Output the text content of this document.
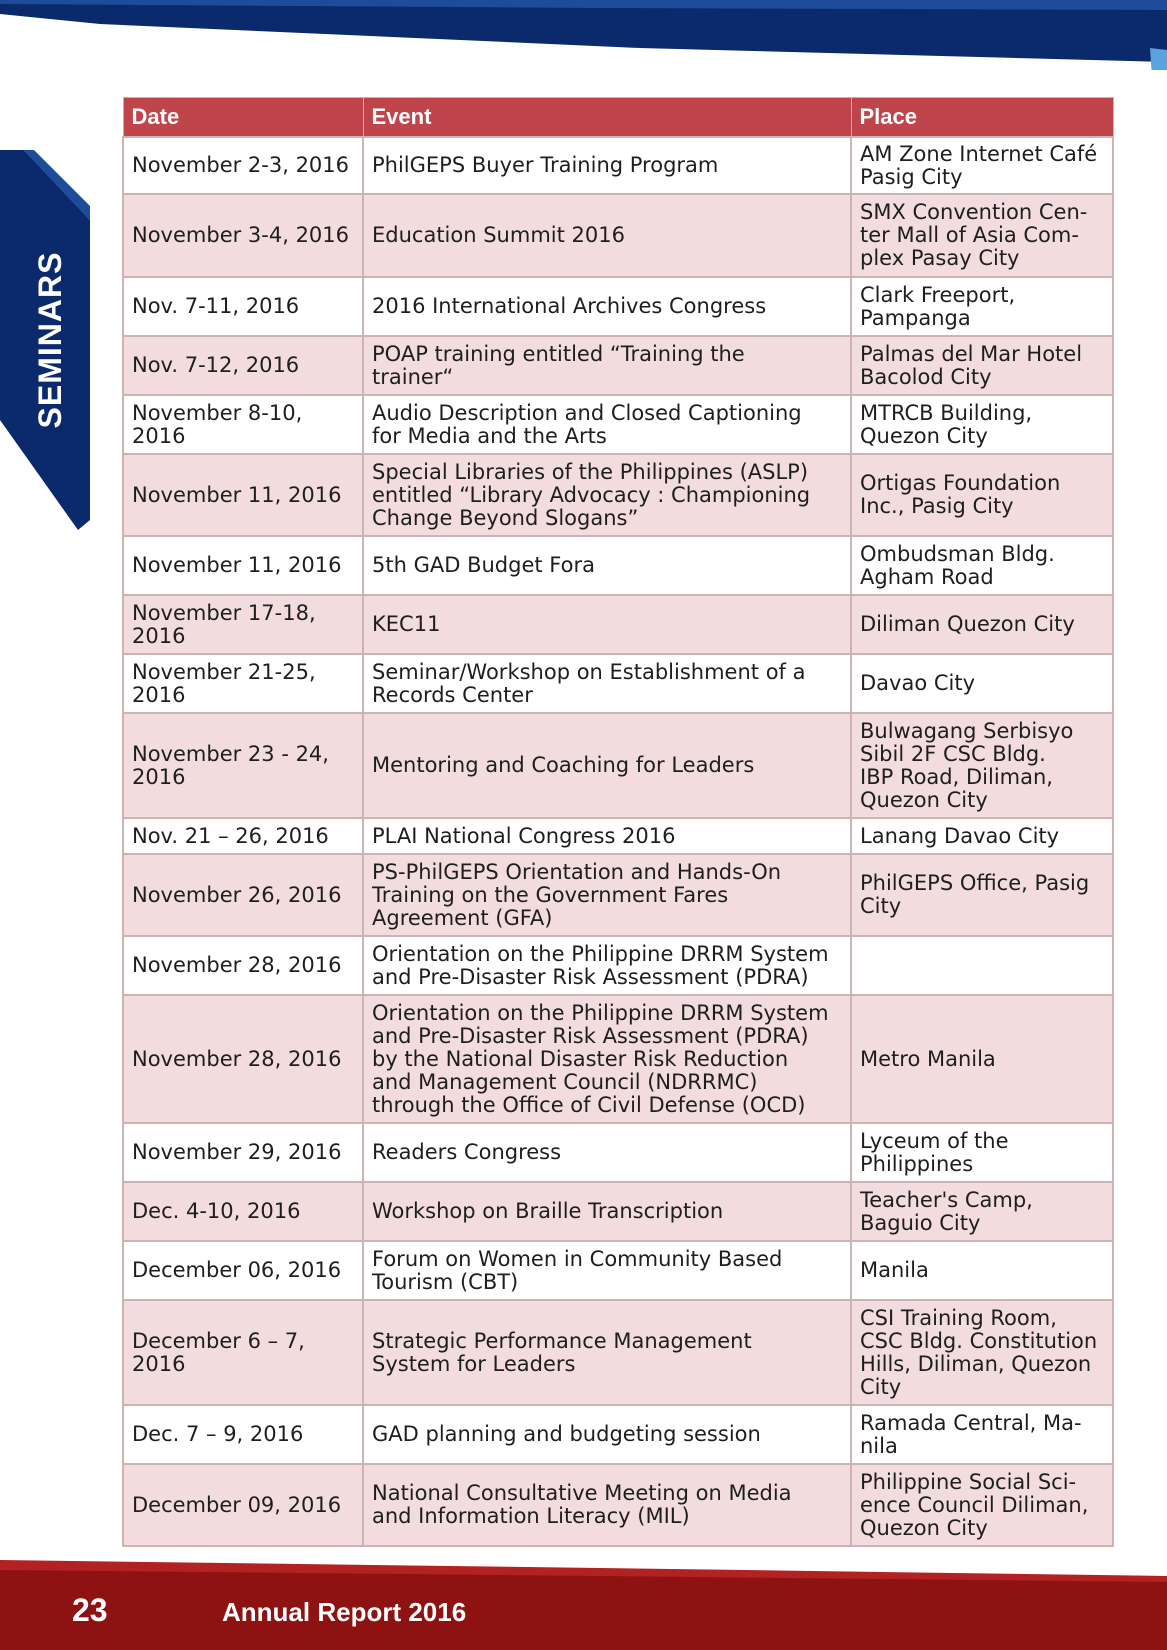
SEMINARS
Date	Event	Place
November 2-3, 2016	PhilGEPS Buyer Training Program	AM Zone Internet Café
Pasig City
November 3-4, 2016	Education Summit 2016	SMX Convention Cen-
ter Mall of Asia Com-
plex Pasay City
Nov. 7-11, 2016	2016 International Archives Congress	Clark Freeport,
Pampanga
Nov. 7-12, 2016	POAP training entitled “Training the
trainer“	Palmas del Mar Hotel
Bacolod City
November 8-10,
2016	Audio Description and Closed Captioning
for Media and the Arts	MTRCB Building,
Quezon City
November 11, 2016	Special Libraries of the Philippines (ASLP)
entitled “Library Advocacy : Championing
Change Beyond Slogans”	Ortigas Foundation
Inc., Pasig City
November 11, 2016	5th GAD Budget Fora	Ombudsman Bldg.
Agham Road
November 17-18,
2016	KEC11	Diliman Quezon City
November 21-25,
2016	Seminar/Workshop on Establishment of a
Records Center	Davao City
November 23 - 24,
2016	Mentoring and Coaching for Leaders	Bulwagang Serbisyo
Sibil 2F CSC Bldg.
IBP Road, Diliman,
Quezon City
Nov. 21 – 26, 2016	PLAI National Congress 2016	Lanang Davao City
November 26, 2016	PS-PhilGEPS Orientation and Hands-On
Training on the Government Fares
Agreement (GFA)	PhilGEPS Office, Pasig
City
November 28, 2016	Orientation on the Philippine DRRM System
and Pre-Disaster Risk Assessment (PDRA)	
November 28, 2016	Orientation on the Philippine DRRM System
and Pre-Disaster Risk Assessment (PDRA)
by the National Disaster Risk Reduction
and Management Council (NDRRMC)
through the Office of Civil Defense (OCD)	Metro Manila
November 29, 2016	Readers Congress	Lyceum of the
Philippines
Dec. 4-10, 2016	Workshop on Braille Transcription	Teacher's Camp,
Baguio City
December 06, 2016	Forum on Women in Community Based
Tourism (CBT)	Manila
December 6 – 7,
2016	Strategic Performance Management
System for Leaders	CSI Training Room,
CSC Bldg. Constitution
Hills, Diliman, Quezon
City
Dec. 7 – 9, 2016	GAD planning and budgeting session	Ramada Central, Ma-
nila
December 09, 2016	National Consultative Meeting on Media
and Information Literacy (MIL)	Philippine Social Sci-
ence Council Diliman,
Quezon City
23	Annual Report 2016
